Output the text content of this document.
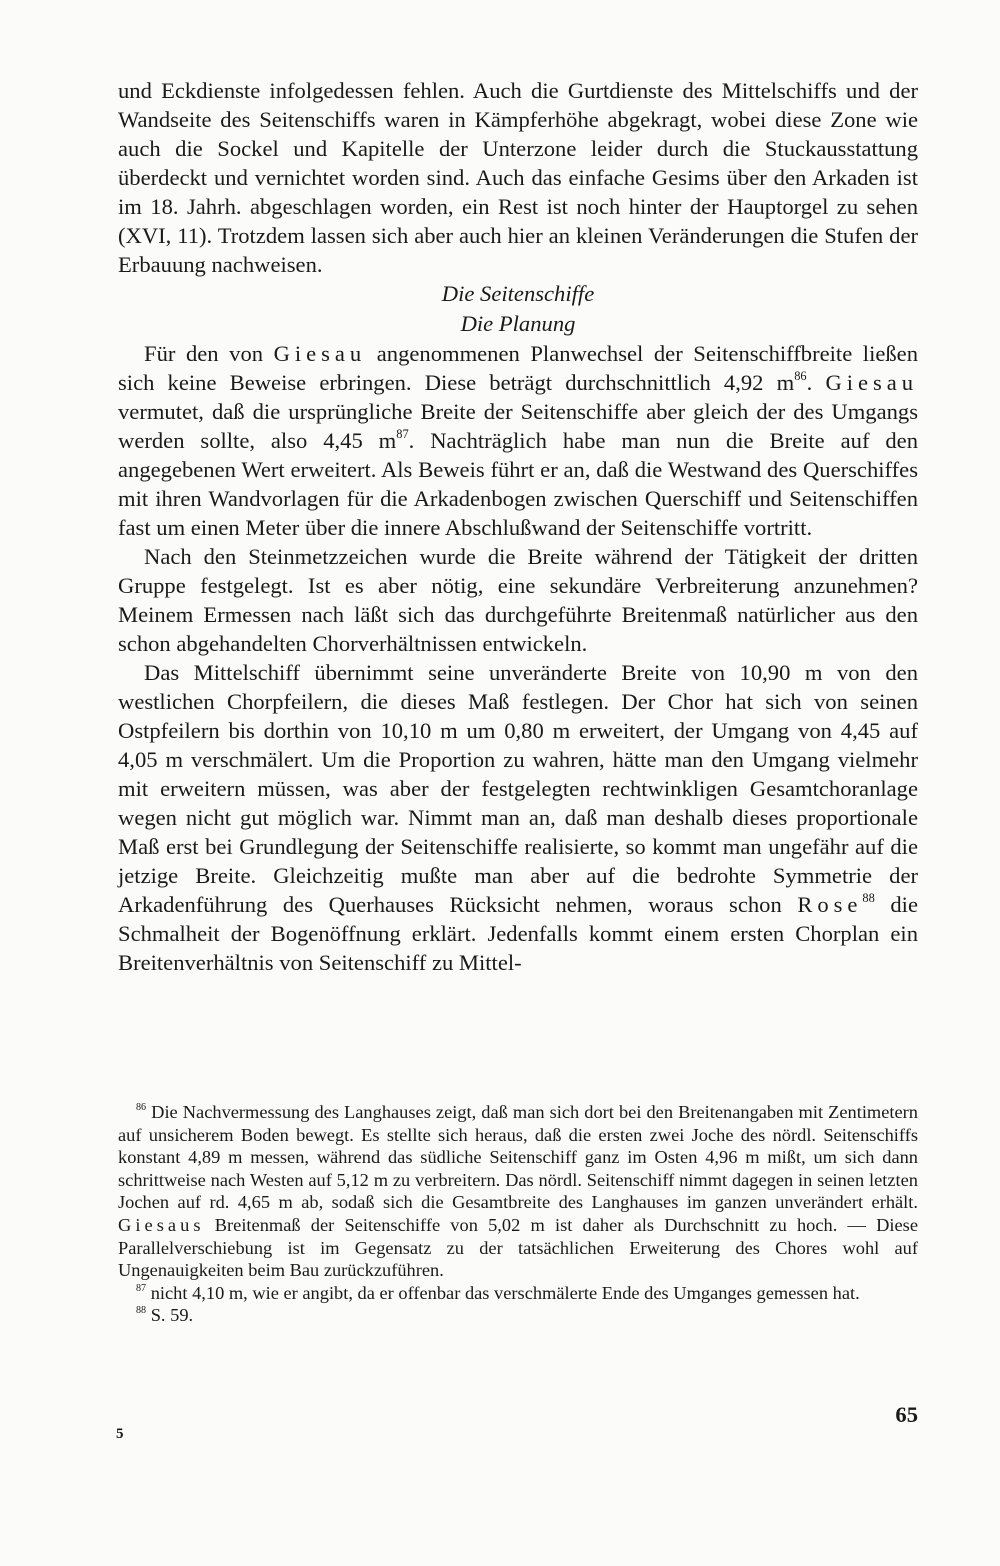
und Eckdienste infolgedessen fehlen. Auch die Gurtdienste des Mittelschiffs und der Wandseite des Seitenschiffs waren in Kämpferhöhe abgekragt, wobei diese Zone wie auch die Sockel und Kapitelle der Unterzone leider durch die Stuckausstattung überdeckt und vernichtet worden sind. Auch das einfache Gesims über den Arkaden ist im 18. Jahrh. abgeschlagen worden, ein Rest ist noch hinter der Hauptorgel zu sehen (XVI, 11). Trotzdem lassen sich aber auch hier an kleinen Veränderungen die Stufen der Erbauung nachweisen.

Die Seitenschiffe

Die Planung

Für den von Giesau angenommenen Planwechsel der Seitenschiffbreite ließen sich keine Beweise erbringen. Diese beträgt durchschnittlich 4,92 $m^{86}$. Giesau vermutet, daß die ursprüngliche Breite der Seitenschiffe aber gleich der des Umgangs werden sollte, also 4,45 $m^{87}$. Nachträglich habe man nun die Breite auf den angegebenen Wert erweitert. Als Beweis führt er an, daß die Westwand des Querschiffes mit ihren Wandvorlagen für die Arkadenbogen zwischen Querschiff und Seitenschiffen fast um einen Meter über die innere Abschlußwand der Seitenschiffe vortritt.

Nach den Steinmetzzeichen wurde die Breite während der Tätigkeit der dritten Gruppe festgelegt. Ist es aber nötig, eine sekundäre Verbreiterung anzunehmen? Meinem Ermessen nach läßt sich das durchgeführte Breitenmaß natürlicher aus den schon abgehandelten Chorverhältnissen entwickeln.

Das Mittelschiff übernimmt seine unveränderte Breite von 10,90 m von den westlichen Chorpfeilern, die dieses Maß festlegen. Der Chor hat sich von seinen Ostpfeilern bis dorthin von 10,10 m um 0,80 m erweitert, der Umgang von 4,45 auf 4,05 m verschmälert. Um die Proportion zu wahren, hätte man den Umgang vielmehr mit erweitern müssen, was aber der festgelegten rechtwinkligen Gesamtchoranlage wegen nicht gut möglich war. Nimmt man an, daß man deshalb dieses proportionale Maß erst bei Grundlegung der Seitenschiffe realisierte, so kommt man ungefähr auf die jetzige Breite. Gleichzeitig mußte man aber auf die bedrohte Symmetrie der Arkadenführung des Querhauses Rücksicht nehmen, woraus schon Rose$^{88}$ die Schmalheit der Bogenöffnung erklärt. Jedenfalls kommt einem ersten Chorplan ein Breitenverhältnis von Seitenschiff zu Mittel-

$^{86}$ Die Nachvermessung des Langhauses zeigt, daß man sich dort bei den Breitenangaben mit Zentimetern auf unsicherem Boden bewegt. Es stellte sich heraus, daß die ersten zwei Joche des nördl. Seitenschiffs konstant 4,89 m messen, während das südliche Seitenschiff ganz im Osten 4,96 m mißt, um sich dann schrittweise nach Westen auf 5,12 m zu verbreitern. Das nördl. Seitenschiff nimmt dagegen in seinen letzten Jochen auf rd. 4,65 m ab, sodaß sich die Gesamtbreite des Langhauses im ganzen unverändert erhält. Giesaus Breitenmaß der Seitenschiffe von 5,02 m ist daher als Durchschnitt zu hoch. — Diese Parallelverschiebung ist im Gegensatz zu der tatsächlichen Erweiterung des Chores wohl auf Ungenauigkeiten beim Bau zurückzuführen.

$^{87}$ nicht 4,10 m, wie er angibt, da er offenbar das verschmälerte Ende des Umganges gemessen hat.

$^{88}$ S. 59.

65
5
